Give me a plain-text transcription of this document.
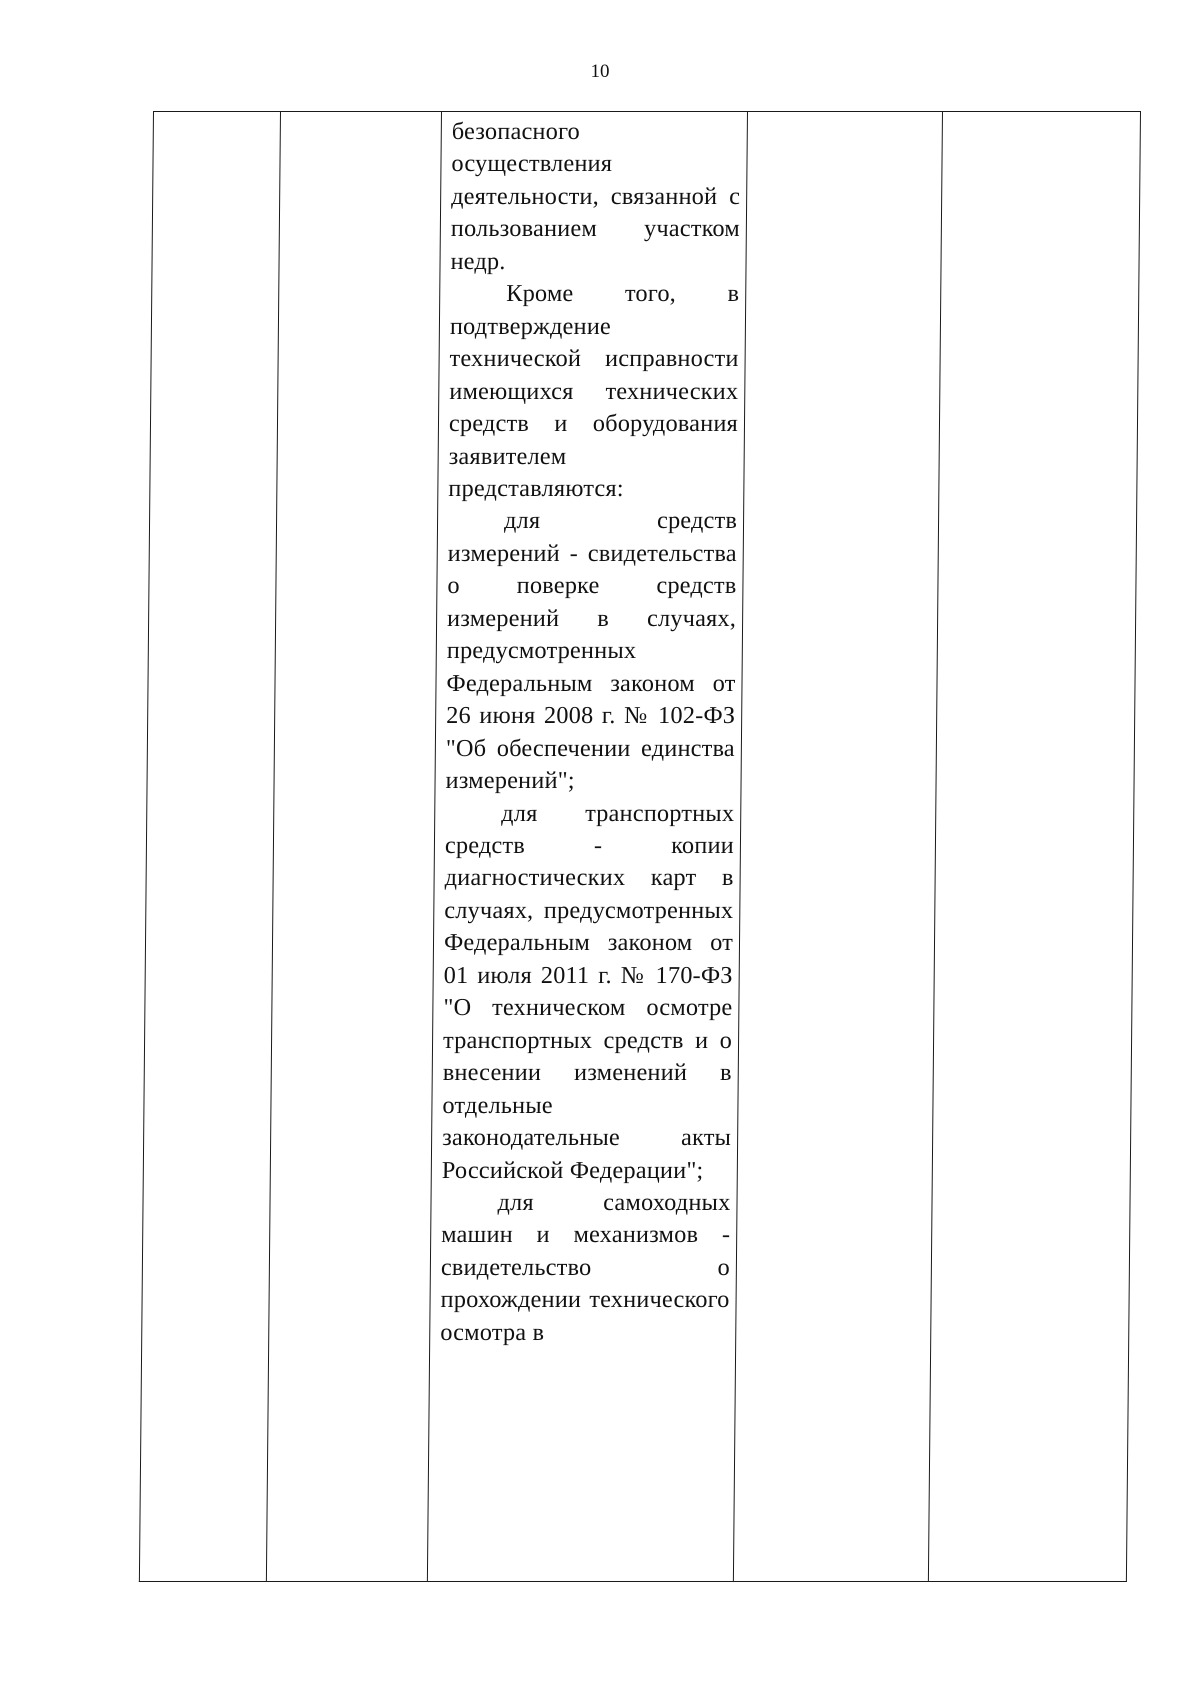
10

безопасного осуществления деятельности, связанной с пользованием участком недр.

Кроме того, в подтверждение технической исправности имеющихся технических средств и оборудования заявителем представляются:

для средств измерений - свидетельства о поверке средств измерений в случаях, предусмотренных Федеральным законом от 26 июня 2008 г. № 102-ФЗ "Об обеспечении единства измерений";

для транспортных средств - копии диагностических карт в случаях, предусмотренных Федеральным законом от 01 июля 2011 г. № 170-ФЗ "О техническом осмотре транспортных средств и о внесении изменений в отдельные законодательные акты Российской Федерации";

для самоходных машин и механизмов - свидетельство о прохождении технического осмотра в
